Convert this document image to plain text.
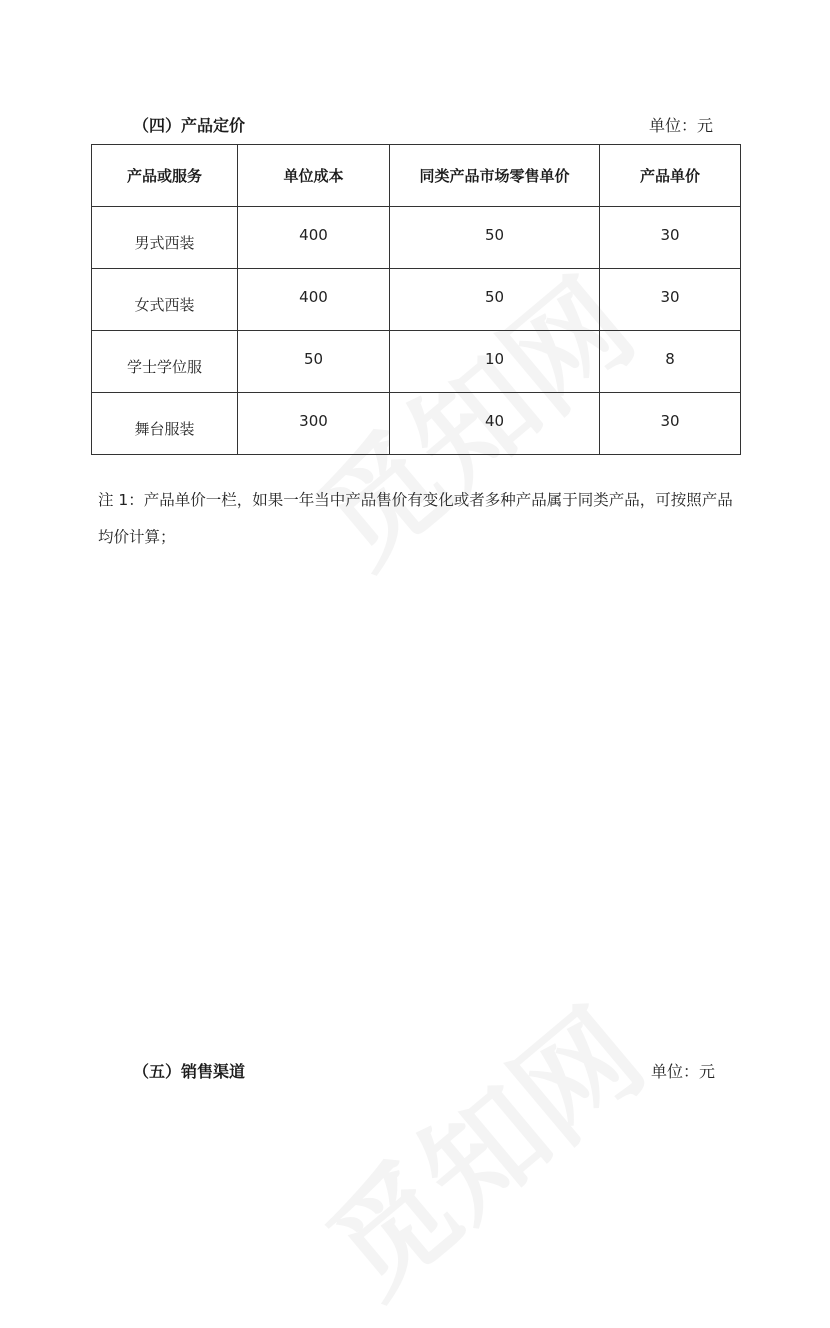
（四）产品定价	单位：元
产品或服务	单位成本	同类产品市场零售单价	产品单价
男式西装	400	50	30
女式西装	400	50	30
学士学位服	50	10	8
舞台服装	300	40	30
注 1：产品单价一栏，如果一年当中产品售价有变化或者多种产品属于同类产品，可按照产品均价计算；
（五）销售渠道	单位：元
